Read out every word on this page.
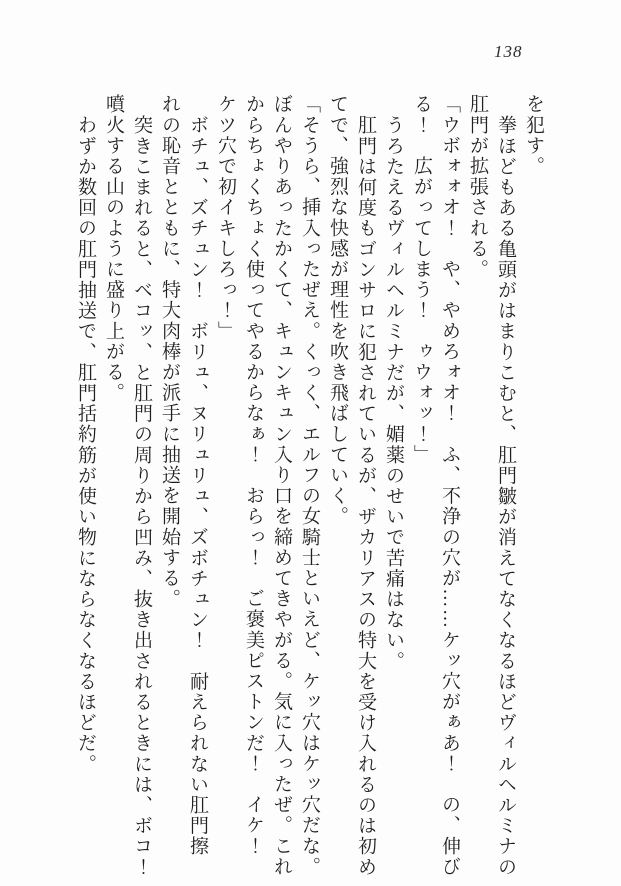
138

を犯す。

拳ほどもある亀頭がはまりこむと、肛門皺が消えてなくなるほどヴィルヘルミナの

肛門が拡張される。

「ウボォォオ！　や、やめろォオ！　ふ、不浄の穴が……ケッ穴がぁあ！　の、伸び

る！　広がってしまう！　ゥウォッ！」

うろたえるヴィルヘルミナだが、媚薬のせいで苦痛はない。

肛門は何度もゴンサロに犯されているが、ザカリアスの特大を受け入れるのは初め

てで、強烈な快感が理性を吹き飛ばしていく。

「そうら、挿入ったぜえ。くっく、エルフの女騎士といえど、ケッ穴はケッ穴だな。

ぼんやりあったかくて、キュンキュン入り口を締めてきやがる。気に入ったぜ。これ

からちょくちょく使ってやるからなぁ！　おらっ！　ご褒美ピストンだ！　イケ！

ケツ穴で初イキしろっ！」

ボチュ、ズチュン！　ボリュ、ヌリュリュ、ズボチュン！　耐えられない肛門擦

れの恥音とともに、特大肉棒が派手に抽送を開始する。

突きこまれると、ベコッ、と肛門の周りから凹み、抜き出されるときには、ボコ！

噴火する山のように盛り上がる。

わずか数回の肛門抽送で、肛門括約筋が使い物にならなくなるほどだ。
